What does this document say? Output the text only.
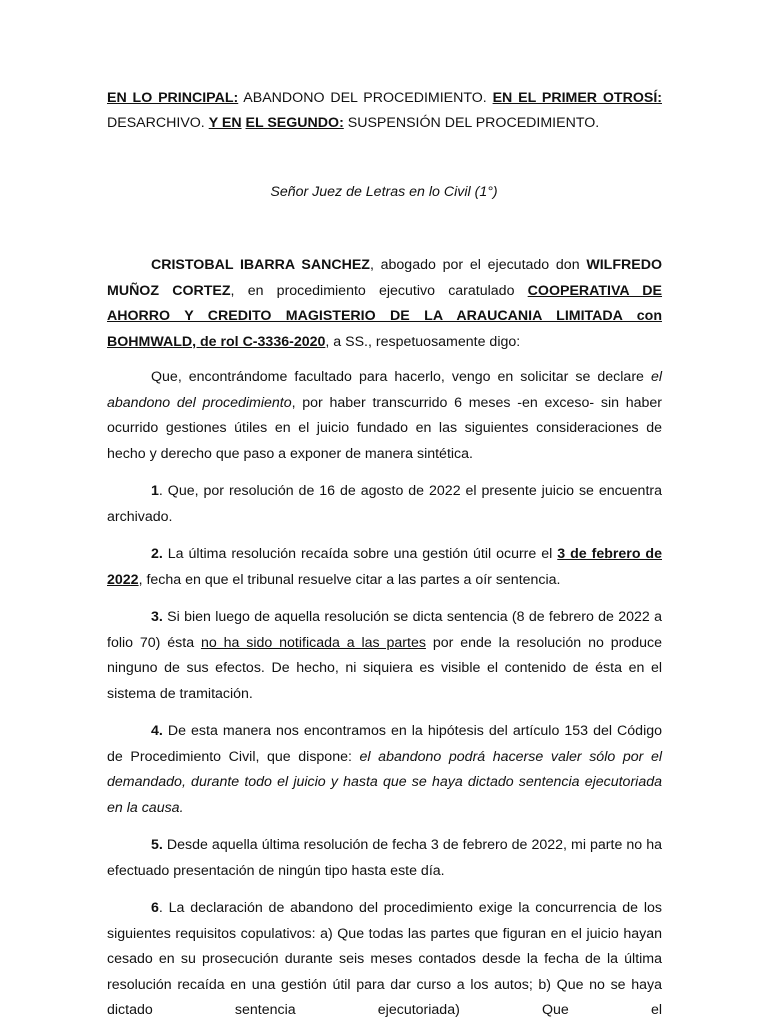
EN LO PRINCIPAL: ABANDONO DEL PROCEDIMIENTO. EN EL PRIMER OTROSÍ:
DESARCHIVO. Y EN EL SEGUNDO: SUSPENSIÓN DEL PROCEDIMIENTO.
Señor Juez de Letras en lo Civil (1°)

CRISTOBAL IBARRA SANCHEZ, abogado por el ejecutado don WILFREDO MUÑOZ CORTEZ, en procedimiento ejecutivo caratulado COOPERATIVA DE AHORRO Y CREDITO MAGISTERIO DE LA ARAUCANIA LIMITADA con BOHMWALD, de rol C-3336-2020, a SS., respetuosamente digo:

Que, encontrándome facultado para hacerlo, vengo en solicitar se declare el abandono del procedimiento, por haber transcurrido 6 meses -en exceso- sin haber ocurrido gestiones útiles en el juicio fundado en las siguientes consideraciones de hecho y derecho que paso a exponer de manera sintética.

1. Que, por resolución de 16 de agosto de 2022 el presente juicio se encuentra archivado.

2. La última resolución recaída sobre una gestión útil ocurre el 3 de febrero de 2022, fecha en que el tribunal resuelve citar a las partes a oír sentencia.

3. Si bien luego de aquella resolución se dicta sentencia (8 de febrero de 2022 a folio 70) ésta no ha sido notificada a las partes por ende la resolución no produce ninguno de sus efectos. De hecho, ni siquiera es visible el contenido de ésta en el sistema de tramitación.

4. De esta manera nos encontramos en la hipótesis del artículo 153 del Código de Procedimiento Civil, que dispone: el abandono podrá hacerse valer sólo por el demandado, durante todo el juicio y hasta que se haya dictado sentencia ejecutoriada en la causa.

5. Desde aquella última resolución de fecha 3 de febrero de 2022, mi parte no ha efectuado presentación de ningún tipo hasta este día.

6. La declaración de abandono del procedimiento exige la concurrencia de los siguientes requisitos copulativos: a) Que todas las partes que figuran en el juicio hayan cesado en su prosecución durante seis meses contados desde la fecha de la última resolución recaída en una gestión útil para dar curso a los autos; b) Que no se haya dictado sentencia ejecutoriada) Que el
